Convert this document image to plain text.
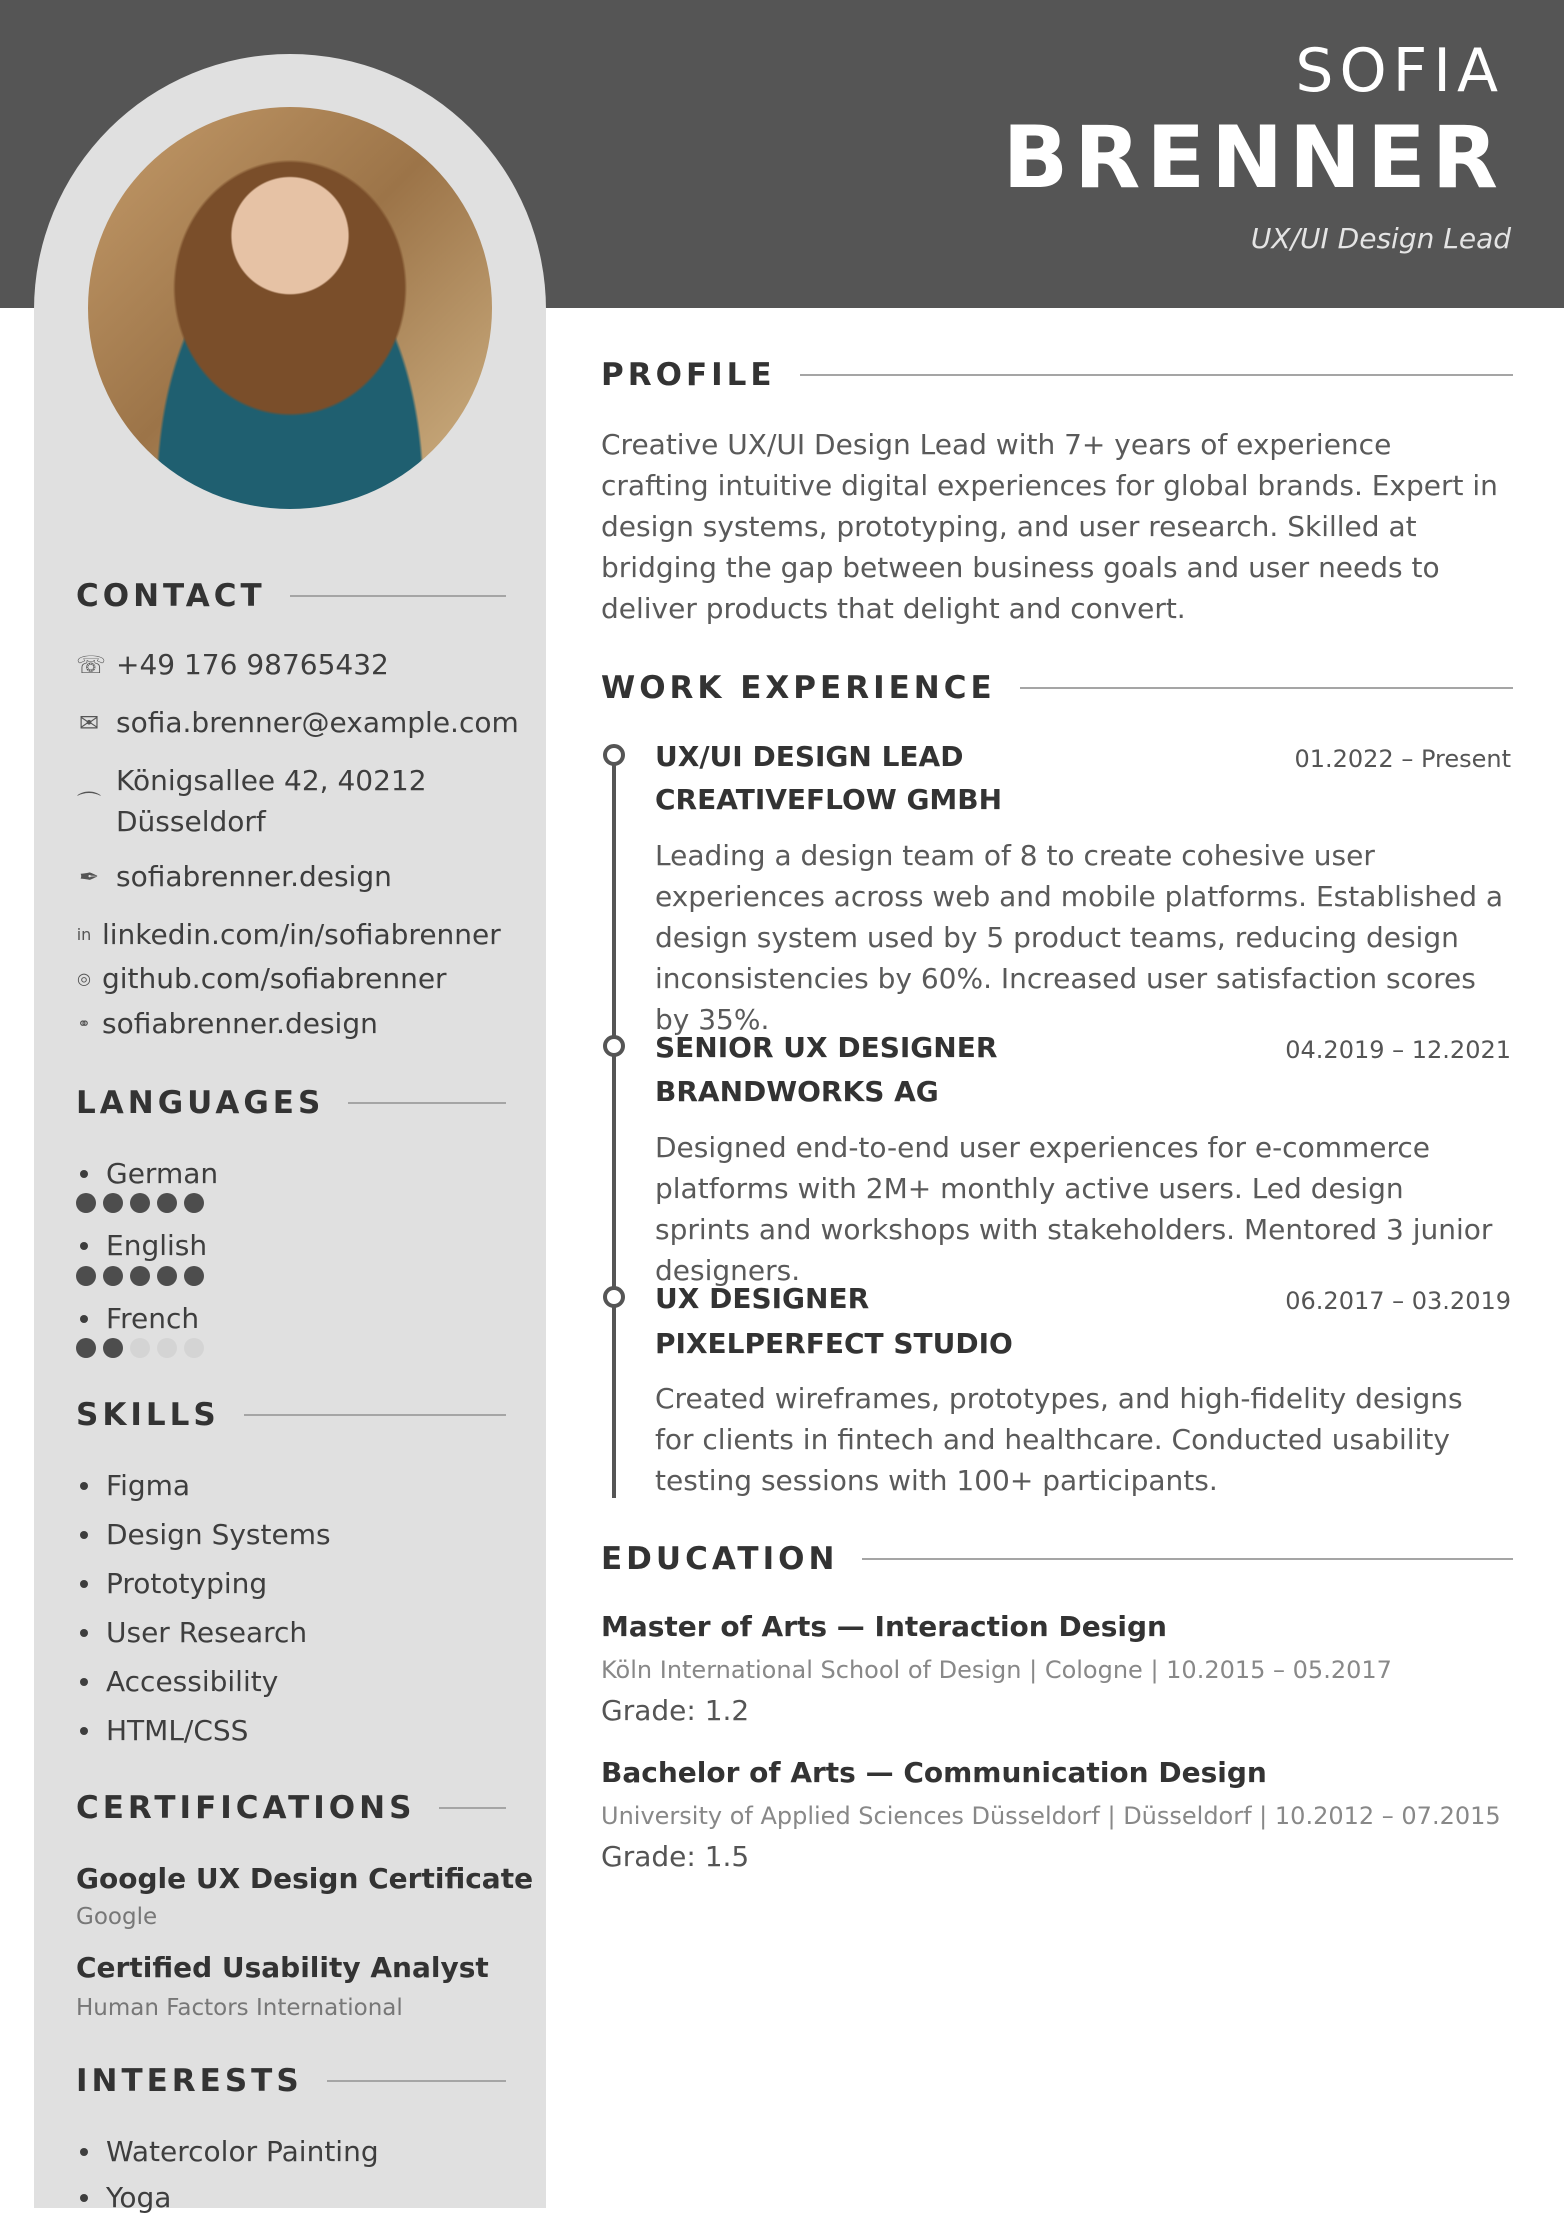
SOFIA
BRENNER
UX/UI Design Lead
CONTACT
☏ +49 176 98765432
✉ sofia.brenner@example.com
⌒
Königsallee 42, 40212
Düsseldorf
✒ sofiabrenner.design
in linkedin.com/in/sofiabrenner
◎ github.com/sofiabrenner
⚭ sofiabrenner.design
LANGUAGES
German
English
French
SKILLS
Figma
Design Systems
Prototyping
User Research
Accessibility
HTML/CSS
CERTIFICATIONS
Google UX Design Certificate
Google
Certified Usability Analyst
Human Factors International
INTERESTS
Watercolor Painting
Yoga
PROFILE
Creative UX/UI Design Lead with 7+ years of experience crafting intuitive digital experiences for global brands. Expert in design systems, prototyping, and user research. Skilled at bridging the gap between business goals and user needs to deliver products that delight and convert.
WORK EXPERIENCE
UX/UI DESIGN LEAD	01.2022 – Present
CREATIVEFLOW GMBH
Leading a design team of 8 to create cohesive user experiences across web and mobile platforms. Established a design system used by 5 product teams, reducing design inconsistencies by 60%. Increased user satisfaction scores by 35%.
SENIOR UX DESIGNER	04.2019 – 12.2021
BRANDWORKS AG
Designed end-to-end user experiences for e-commerce platforms with 2M+ monthly active users. Led design sprints and workshops with stakeholders. Mentored 3 junior designers.
UX DESIGNER	06.2017 – 03.2019
PIXELPERFECT STUDIO
Created wireframes, prototypes, and high-fidelity designs for clients in fintech and healthcare. Conducted usability testing sessions with 100+ participants.
EDUCATION
Master of Arts — Interaction Design
Köln International School of Design | Cologne | 10.2015 – 05.2017
Grade: 1.2
Bachelor of Arts — Communication Design
University of Applied Sciences Düsseldorf | Düsseldorf | 10.2012 – 07.2015
Grade: 1.5
